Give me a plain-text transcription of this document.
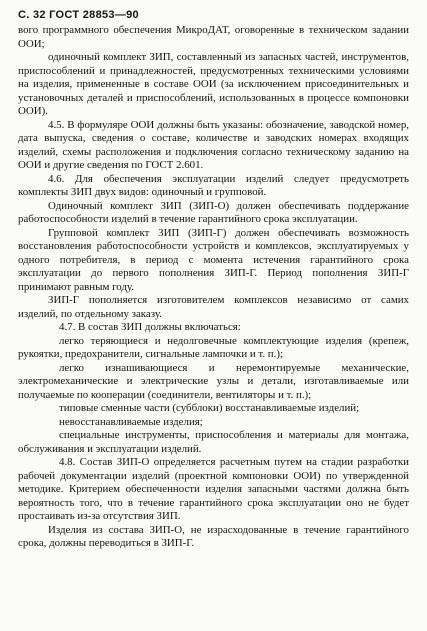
С. 32 ГОСТ 28853—90

вого программного обеспечения МикроДАТ, оговоренные в техническом задании ООИ;

одиночный комплект ЗИП, составленный из запасных частей, инструментов, приспособлений и принадлежностей, предусмотренных техническими условиями на изделия, примененные в составе ООИ (за исключением присоединительных и установочных деталей и приспособлений, использованных в процессе компоновки ООИ).

4.5. В формуляре ООИ должны быть указаны: обозначение, заводской номер, дата выпуска, сведения о составе, количестве и заводских номерах входящих изделий, схемы расположения и подключения согласно техническому заданию на ООИ и другие сведения по ГОСТ 2.601.

4.6. Для обеспечения эксплуатации изделий следует предусмотреть комплекты ЗИП двух видов: одиночный и групповой.

Одиночный комплект ЗИП (ЗИП-О) должен обеспечивать поддержание работоспособности изделий в течение гарантийного срока эксплуатации.

Групповой комплект ЗИП (ЗИП-Г) должен обеспечивать возможность восстановления работоспособности устройств и комплексов, эксплуатируемых у одного потребителя, в период с момента истечения гарантийного срока эксплуатации до первого пополнения ЗИП-Г. Период пополнения ЗИП-Г принимают равным году.

ЗИП-Г пополняется изготовителем комплексов независимо от самих изделий, по отдельному заказу.

4.7. В состав ЗИП должны включаться:

легко теряющиеся и недолговечные комплектующие изделия (крепеж, рукоятки, предохранители, сигнальные лампочки и т. п.);

легко изнашивающиеся и неремонтируемые механические, электромеханические и электрические узлы и детали, изготавливаемые или получаемые по кооперации (соединители, вентиляторы и т. п.);

типовые сменные части (субблоки) восстанавливаемые изделий;

невосстанавливаемые изделия;

специальные инструменты, приспособления и материалы для монтажа, обслуживания и эксплуатации изделий.

4.8. Состав ЗИП-О определяется расчетным путем на стадии разработки рабочей документации изделий (проектной компоновки ООИ) по утвержденной методике. Критерием обеспеченности изделия запасными частями должна быть вероятность того, что в течение гарантийного срока эксплуатации оно не будет простаивать из-за отсутствия ЗИП.

Изделия из состава ЗИП-О, не израсходованные в течение гарантийного срока, должны переводиться в ЗИП-Г.
